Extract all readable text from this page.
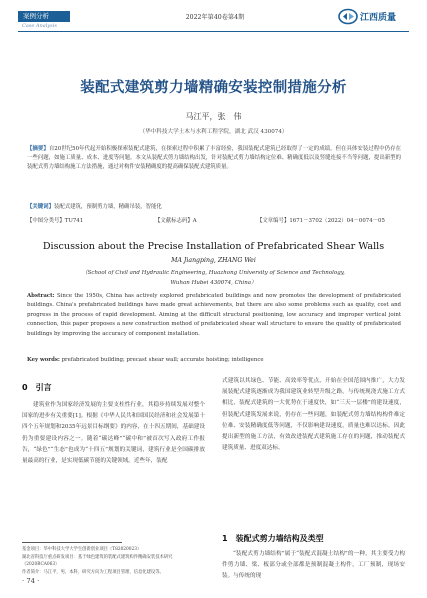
案例分析
Case Analysis
2022年第40卷第4期	江西质量
装配式建筑剪力墙精确安装控制措施分析
马江平，张　伟
（华中科技大学土木与水利工程学院，湖北 武汉 430074）
【摘要】自20世纪50年代起开始积极探索装配式建筑，在探索过程中积累了丰富经验，我国装配式建筑已经取得了一定的成绩，但在具体安装过程中仍存在一些问题，如施工质量、成本、进度等问题。本文从装配式剪力墙结构出发，针对装配式剪力墙结构定位难、精确度低以及竖缝连接不当等问题，提出新型的装配式剪力墙结构施工方法措施，通过对构件安装精确度的提高确保装配式建筑质量。
【关键词】装配式建筑，预制剪力墙，精确吊装，智能化
【中图分类号】TU741	【文献标志码】A	【文章编号】1671－3702（2022）04－0074－05
Discussion about the Precise Installation of Prefabricated Shear Walls
MA Jiangping, ZHANG Wei
（School of Civil and Hydraulic Engineering, Huazhong University of Science and Technology,
Wuhan Hubei 430074, China）
Abstract: Since the 1950s, China has actively explored prefabricated buildings and now promotes the development of prefabricated buildings. China's prefabricated buildings have made great achievements, but there are also some problems such as quality, cost and progress in the process of rapid development. Aiming at the difficult structural positioning, low accuracy and improper vertical joint connection, this paper proposes a new construction method of prefabricated shear wall structure to ensure the quality of prefabricated buildings by improving the accuracy of component installation.
Key words: prefabricated building; precast shear wall; accurate hoisting; intelligence
0　引言
建筑业作为国家经济发展的主要支柱性行业，其稳步持续发展对整个国家的进步有关重要[1]。根据《中华人民共和国国民经济和社会发展第十四个五年规划和2035年远景目标纲要》的内容，在十四五期间，基础建设仍为重要建设内容之一。随着“碳达峰”“碳中和”被首次写入政府工作报告，“绿色”“生态”也成为“十四五”规划的关键词，建筑行业是全国碳排放量最高的行业，是实现低碳节能的关键领域。近些年，装配
式建筑以其绿色、节能、高效率等优点，开始在全国范围内推广，大力发展装配式建筑逐渐成为我国建筑业转型升级之路，与传统现浇式施工方式相比，装配式建筑的一大优势在于速度快，如“三天一层楼”的建设速度，但装配式建筑发展来说，仍存在一些问题，如装配式剪力墙结构构件难定位难、安装精确度低等问题，不仅影响建设速度，质量也难以达标。因此提出新型的施工方法，有效改进装配式建筑施工存在的问题，推动装配式建筑质量、进度双达标。
1　装配式剪力墙结构及类型
“装配式剪力墙结构”属于“装配式混凝土结构”的一种，其主要受力构件剪力墙、梁、板部分或全部都是预制混凝土构件，工厂预制，现场安装。与传统的现
基金项目：华中科技大学大学生创新创业项目（T82020023）
湖北省科技厅重点研发项目：基于绿色建筑的装配式建筑构件精确安装技术研究（2020BCA063）
作者简介：马江平，男，本科，研究方向为工程项目管理、信息化建设等。
· 74 ·
